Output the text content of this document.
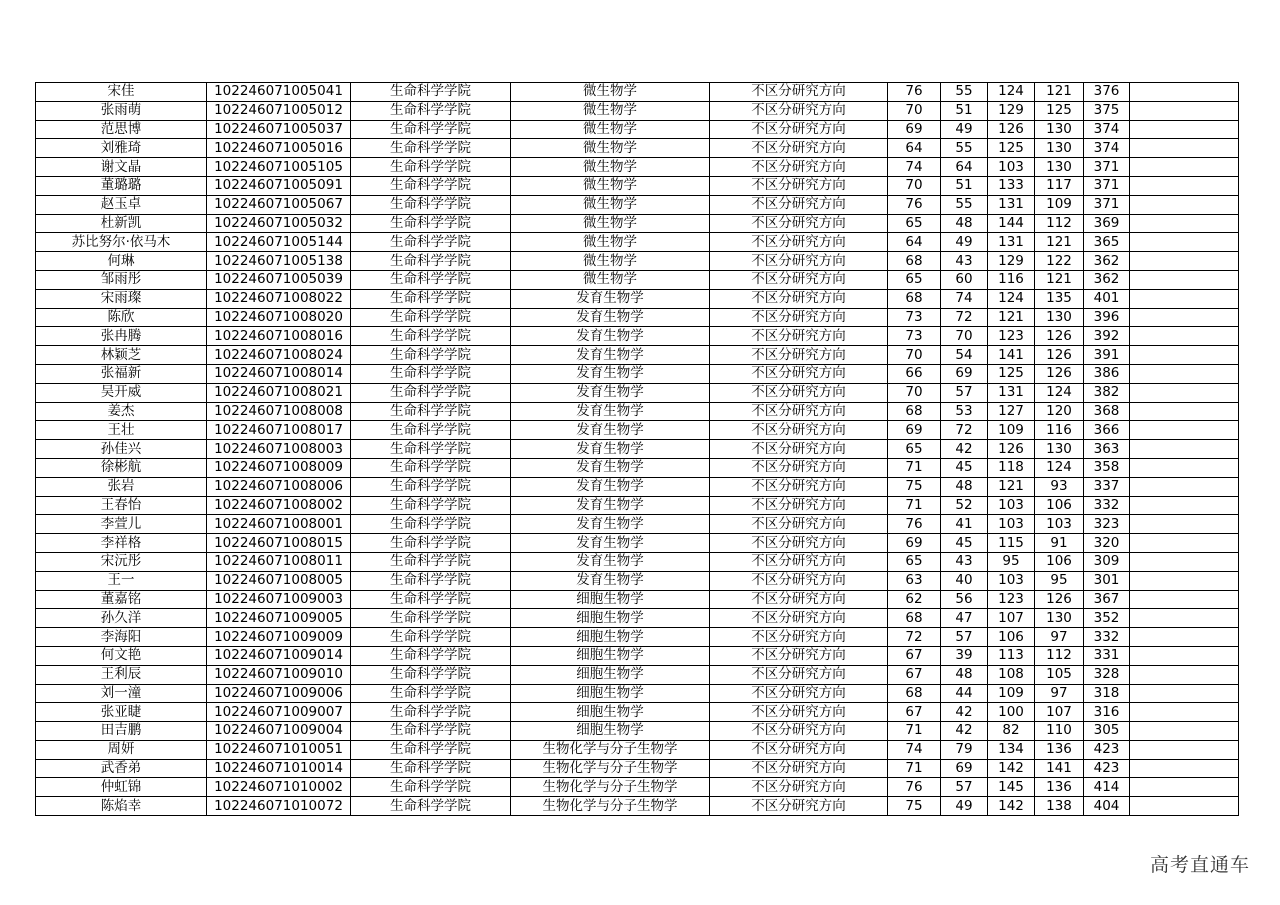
宋佳	102246071005041	生命科学学院	微生物学	不区分研究方向	76	55	124	121	376	
张雨萌	102246071005012	生命科学学院	微生物学	不区分研究方向	70	51	129	125	375	
范思博	102246071005037	生命科学学院	微生物学	不区分研究方向	69	49	126	130	374	
刘雅琦	102246071005016	生命科学学院	微生物学	不区分研究方向	64	55	125	130	374	
谢文晶	102246071005105	生命科学学院	微生物学	不区分研究方向	74	64	103	130	371	
董璐璐	102246071005091	生命科学学院	微生物学	不区分研究方向	70	51	133	117	371	
赵玉卓	102246071005067	生命科学学院	微生物学	不区分研究方向	76	55	131	109	371	
杜新凯	102246071005032	生命科学学院	微生物学	不区分研究方向	65	48	144	112	369	
苏比努尔·依马木	102246071005144	生命科学学院	微生物学	不区分研究方向	64	49	131	121	365	
何琳	102246071005138	生命科学学院	微生物学	不区分研究方向	68	43	129	122	362	
邹雨彤	102246071005039	生命科学学院	微生物学	不区分研究方向	65	60	116	121	362	
宋雨璨	102246071008022	生命科学学院	发育生物学	不区分研究方向	68	74	124	135	401	
陈欣	102246071008020	生命科学学院	发育生物学	不区分研究方向	73	72	121	130	396	
张冉腾	102246071008016	生命科学学院	发育生物学	不区分研究方向	73	70	123	126	392	
林颖芝	102246071008024	生命科学学院	发育生物学	不区分研究方向	70	54	141	126	391	
张福新	102246071008014	生命科学学院	发育生物学	不区分研究方向	66	69	125	126	386	
吴开威	102246071008021	生命科学学院	发育生物学	不区分研究方向	70	57	131	124	382	
姜杰	102246071008008	生命科学学院	发育生物学	不区分研究方向	68	53	127	120	368	
王壮	102246071008017	生命科学学院	发育生物学	不区分研究方向	69	72	109	116	366	
孙佳兴	102246071008003	生命科学学院	发育生物学	不区分研究方向	65	42	126	130	363	
徐彬航	102246071008009	生命科学学院	发育生物学	不区分研究方向	71	45	118	124	358	
张岩	102246071008006	生命科学学院	发育生物学	不区分研究方向	75	48	121	93	337	
王春怡	102246071008002	生命科学学院	发育生物学	不区分研究方向	71	52	103	106	332	
李萱儿	102246071008001	生命科学学院	发育生物学	不区分研究方向	76	41	103	103	323	
李祥格	102246071008015	生命科学学院	发育生物学	不区分研究方向	69	45	115	91	320	
宋沅彤	102246071008011	生命科学学院	发育生物学	不区分研究方向	65	43	95	106	309	
王一	102246071008005	生命科学学院	发育生物学	不区分研究方向	63	40	103	95	301	
董嘉铭	102246071009003	生命科学学院	细胞生物学	不区分研究方向	62	56	123	126	367	
孙久洋	102246071009005	生命科学学院	细胞生物学	不区分研究方向	68	47	107	130	352	
李海阳	102246071009009	生命科学学院	细胞生物学	不区分研究方向	72	57	106	97	332	
何文艳	102246071009014	生命科学学院	细胞生物学	不区分研究方向	67	39	113	112	331	
王利辰	102246071009010	生命科学学院	细胞生物学	不区分研究方向	67	48	108	105	328	
刘一潼	102246071009006	生命科学学院	细胞生物学	不区分研究方向	68	44	109	97	318	
张亚睫	102246071009007	生命科学学院	细胞生物学	不区分研究方向	67	42	100	107	316	
田吉鹏	102246071009004	生命科学学院	细胞生物学	不区分研究方向	71	42	82	110	305	
周妍	102246071010051	生命科学学院	生物化学与分子生物学	不区分研究方向	74	79	134	136	423	
武香弟	102246071010014	生命科学学院	生物化学与分子生物学	不区分研究方向	71	69	142	141	423	
仲虹锦	102246071010002	生命科学学院	生物化学与分子生物学	不区分研究方向	76	57	145	136	414	
陈焰幸	102246071010072	生命科学学院	生物化学与分子生物学	不区分研究方向	75	49	142	138	404	
高考直通车
